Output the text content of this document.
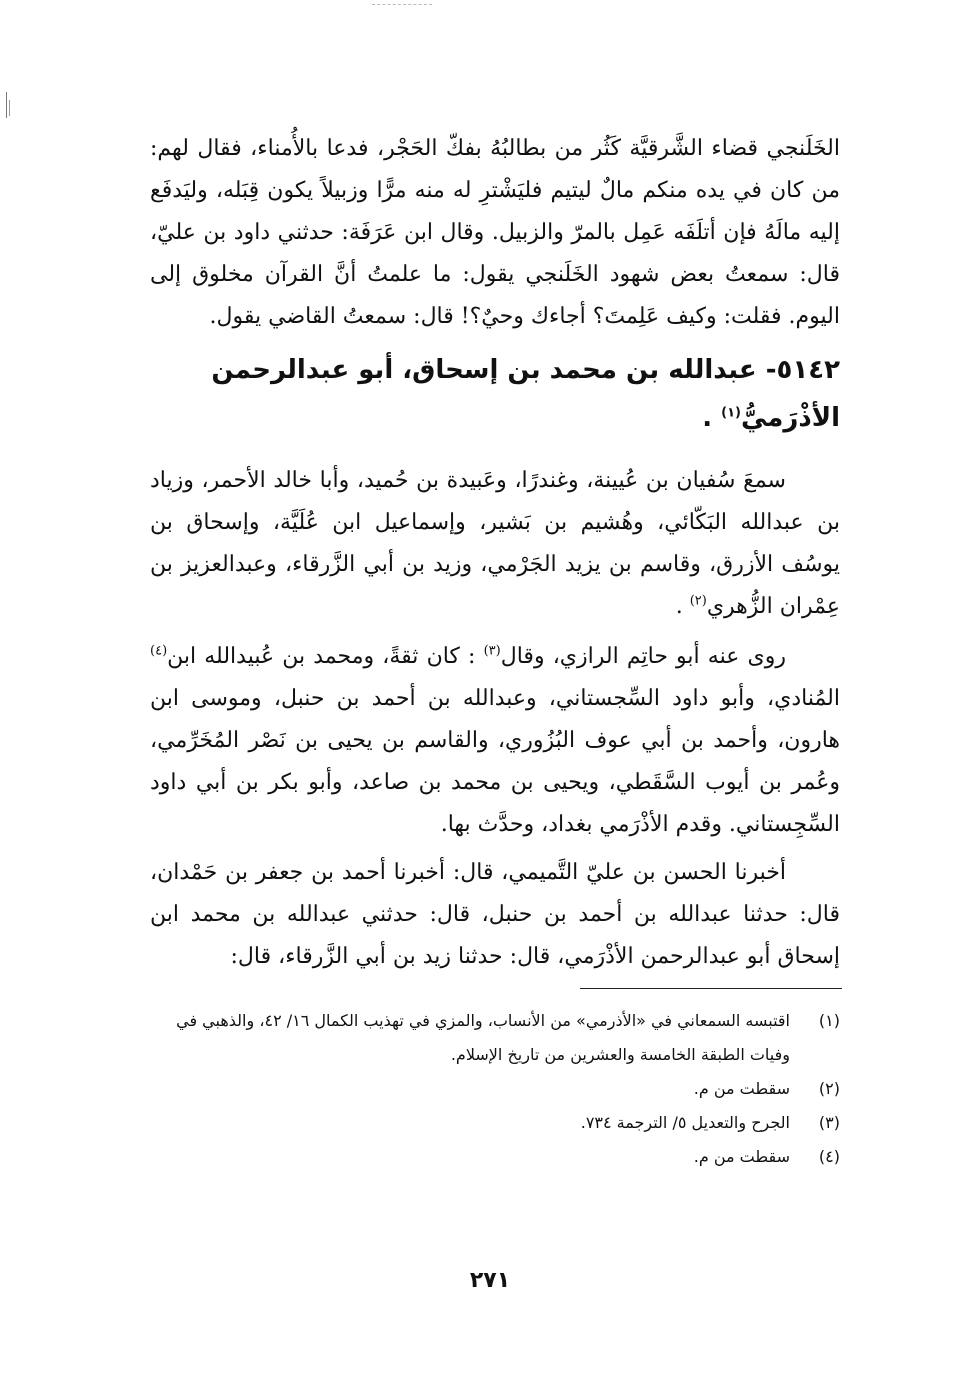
الخَلَنجي قضاء الشَّرقيَّة كَثُر من بطالبُهُ بفكّ الحَجْر، فدعا بالأُمناء، فقال لهم: من كان في يده منكم مالٌ ليتيم فليَشْترِ له منه مرًّا وزبيلاً يكون قِبَله، وليَدفَع إليه مالَهُ فإن أتلَفَه عَمِل بالمرّ والزبيل. وقال ابن عَرَفَة: حدثني داود بن عليّ، قال: سمعتُ بعض شهود الخَلَنجي يقول: ما علمتُ أنَّ القرآن مخلوق إلى اليوم. فقلت: وكيف عَلِمتَ؟ أجاءك وحيٌ؟! قال: سمعتُ القاضي يقول.

٥١٤٢- عبدالله بن محمد بن إسحاق، أبو عبدالرحمن الأذْرَميُّ$^{(١)}$ .

سمعَ سُفيان بن عُيينة، وغندرًا، وعَبيدة بن حُميد، وأبا خالد الأحمر، وزياد بن عبدالله البَكّائي، وهُشيم بن بَشير، وإسماعيل ابن عُلَيَّة، وإسحاق بن يوسُف الأزرق، وقاسم بن يزيد الجَرْمي، وزيد بن أبي الزَّرقاء، وعبدالعزيز بن عِمْران الزُّهري$^{(٢)}$ .

روى عنه أبو حاتِم الرازي، وقال$^{(٣)}$ : كان ثقةً، ومحمد بن عُبيدالله ابن$^{(٤)}$ المُنادي، وأبو داود السِّجستاني، وعبدالله بن أحمد بن حنبل، وموسى ابن هارون، وأحمد بن أبي عوف البُزُوري، والقاسم بن يحيى بن نَصْر المُخَرِّمي، وعُمر بن أيوب السَّقَطي، ويحيى بن محمد بن صاعد، وأبو بكر بن أبي داود السِّجِستاني. وقدم الأذْرَمي بغداد، وحدَّث بها.

أخبرنا الحسن بن عليّ التَّميمي، قال: أخبرنا أحمد بن جعفر بن حَمْدان، قال: حدثنا عبدالله بن أحمد بن حنبل، قال: حدثني عبدالله بن محمد ابن إسحاق أبو عبدالرحمن الأذْرَمي، قال: حدثنا زيد بن أبي الزَّرقاء، قال:

(١)اقتبسه السمعاني في «الأذرمي» من الأنساب، والمزي في تهذيب الكمال ١٦/ ٤٢، والذهبي في وفيات الطبقة الخامسة والعشرين من تاريخ الإسلام.
(٢)سقطت من م.
(٣)الجرح والتعديل ٥/ الترجمة ٧٣٤.
(٤)سقطت من م.
٢٧١
